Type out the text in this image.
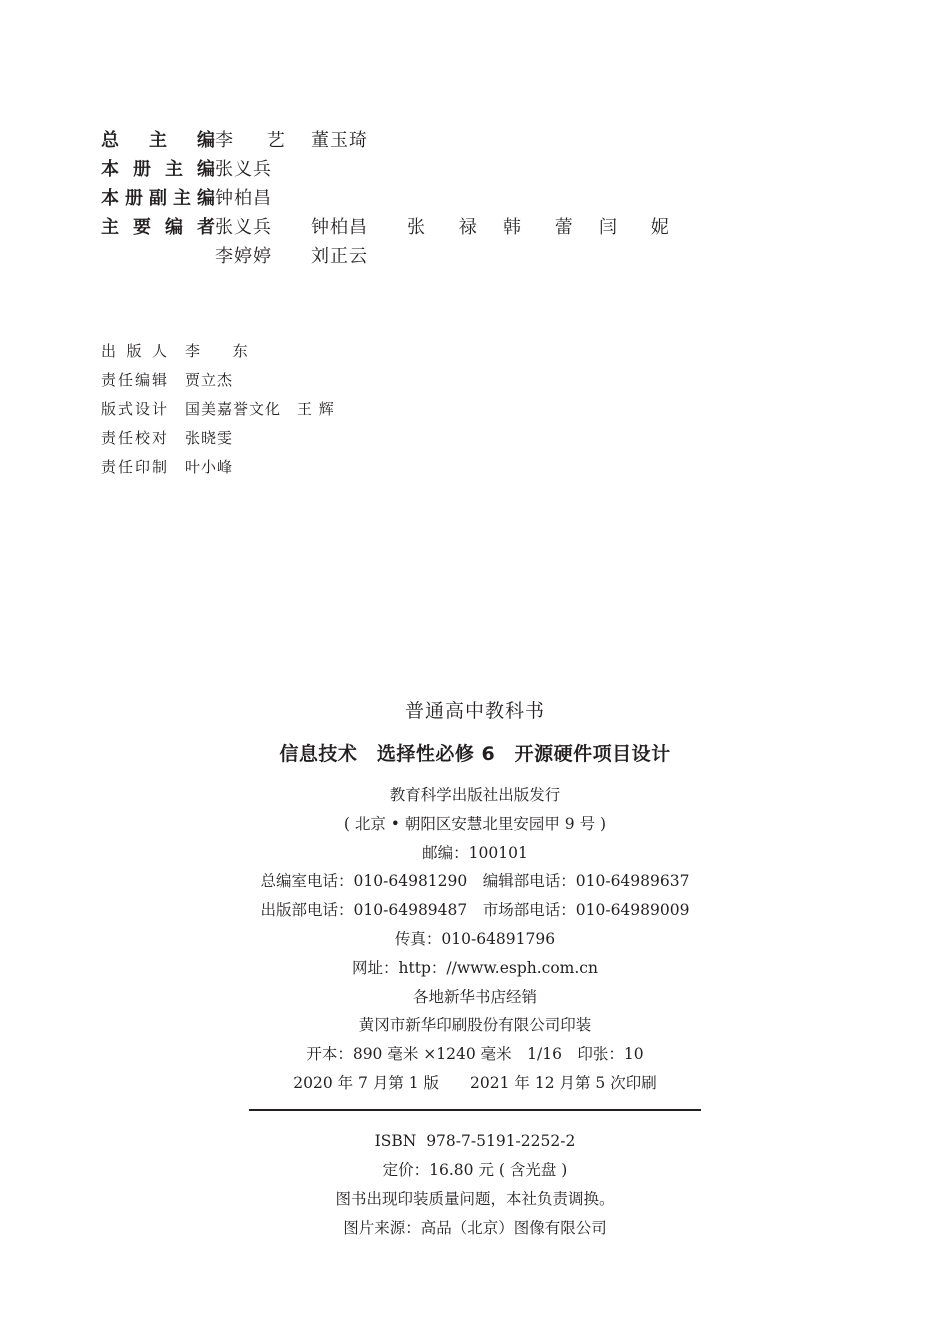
总 主 编 李 艺 董玉琦
本册主编 张义兵
本册副主编 钟柏昌
主要编者 张义兵	钟柏昌	张 禄 韩 蕾 闫 妮
李婷婷	刘正云
出版人 李 东
责任编辑 贾立杰
版式设计 国美嘉誉文化　王 辉
责任校对 张晓雯
责任印制 叶小峰
普通高中教科书
信息技术　选择性必修 6　开源硬件项目设计
教育科学出版社出版发行
( 北京 • 朝阳区安慧北里安园甲 9 号 )
邮编：100101
总编室电话：010-64981290　编辑部电话：010-64989637
出版部电话：010-64989487　市场部电话：010-64989009
传真：010-64891796
网址：http：//www.esph.com.cn
各地新华书店经销
黄冈市新华印刷股份有限公司印装
开本：890 毫米 ×1240 毫米　1/16　印张：10
2020 年 7 月第 1 版　　2021 年 12 月第 5 次印刷
ISBN  978-7-5191-2252-2
定价：16.80 元 ( 含光盘 )
图书出现印装质量问题，本社负责调换。
图片来源：高品（北京）图像有限公司
